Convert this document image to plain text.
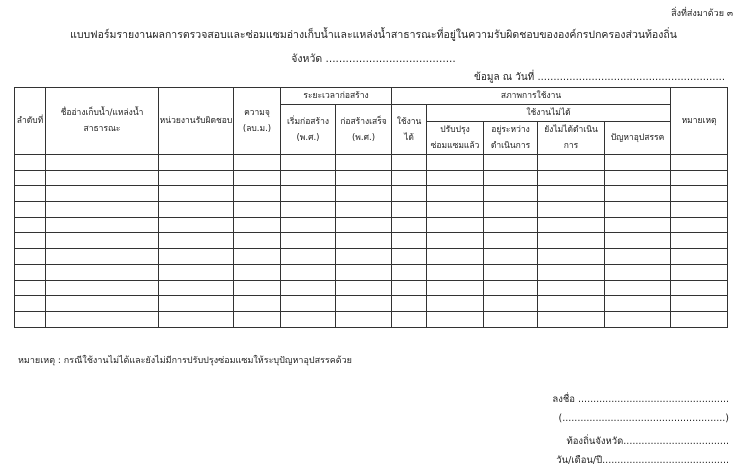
สิ่งที่ส่งมาด้วย ๓
แบบฟอร์มรายงานผลการตรวจสอบและซ่อมแซมอ่างเก็บน้ำและแหล่งน้ำสาธารณะที่อยู่ในความรับผิดชอบขององค์กรปกครองส่วนท้องถิ่น
จังหวัด .......................................
ข้อมูล ณ วันที่ ...........................................................
ลำดับที่	ชื่ออ่างเก็บน้ำ/แหล่งน้ำสาธารณะ	หน่วยงานรับผิดชอบ	ความจุ (ลบ.ม.)	ระยะเวลาก่อสร้าง		สภาพการใช้งาน					หมายเหตุ
				เริ่มก่อสร้าง (พ.ศ.)	ก่อสร้างเสร็จ (พ.ศ.)	ใช้งานได้	ใช้งานไม่ได้				
							ปรับปรุงซ่อมแซมแล้ว	อยู่ระหว่างดำเนินการ	ยังไม่ได้ดำเนินการ	ปัญหาอุปสรรค	

หมายเหตุ : กรณีใช้งานไม่ได้และยังไม่มีการปรับปรุงซ่อมแซมให้ระบุปัญหาอุปสรรคด้วย
ลงชื่อ ..................................................
(......................................................)
ท้องถิ่นจังหวัด...................................
วัน/เดือน/ปี..........................................
